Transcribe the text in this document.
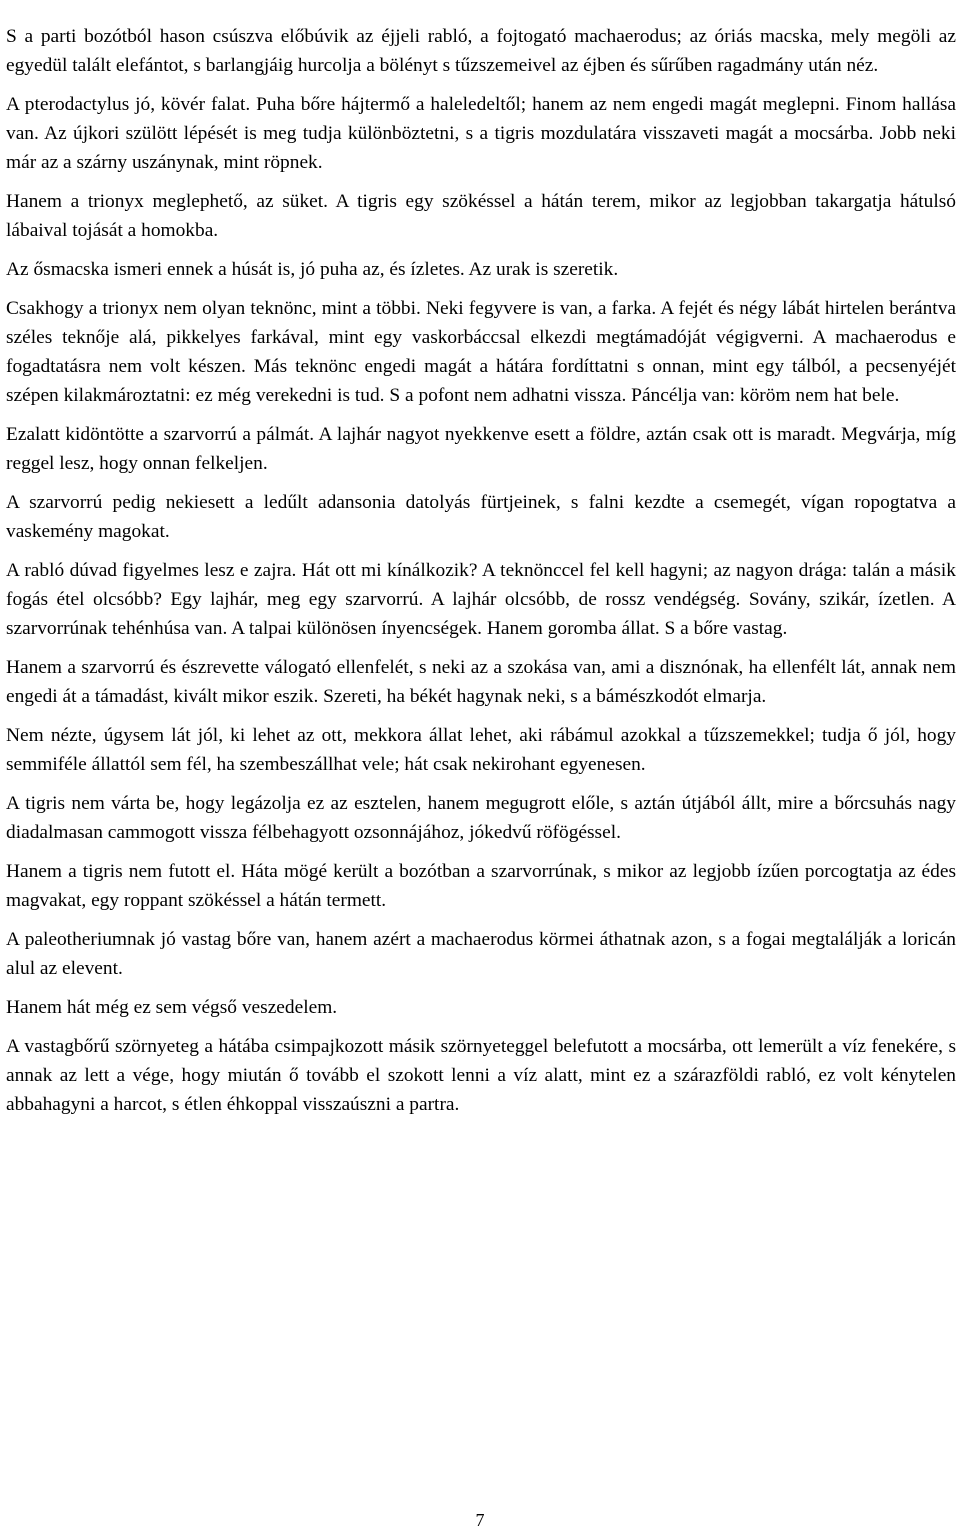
S a parti bozótból hason csúszva előbúvik az éjjeli rabló, a fojtogató machaerodus; az óriás macska, mely megöli az egyedül talált elefántot, s barlangjáig hurcolja a bölényt s tűzszemeivel az éjben és sűrűben ragadmány után néz.

A pterodactylus jó, kövér falat. Puha bőre hájtermő a haleledeltől; hanem az nem engedi magát meglepni. Finom hallása van. Az újkori szülött lépését is meg tudja különböztetni, s a tigris mozdulatára visszaveti magát a mocsárba. Jobb neki már az a szárny uszánynak, mint röpnek.

Hanem a trionyx meglephető, az süket. A tigris egy szökéssel a hátán terem, mikor az legjobban takargatja hátulsó lábaival tojását a homokba.

Az ősmacska ismeri ennek a húsát is, jó puha az, és ízletes. Az urak is szeretik.

Csakhogy a trionyx nem olyan teknönc, mint a többi. Neki fegyvere is van, a farka. A fejét és négy lábát hirtelen berántva széles teknője alá, pikkelyes farkával, mint egy vaskorbáccsal elkezdi megtámadóját végigverni. A machaerodus e fogadtatásra nem volt készen. Más teknönc engedi magát a hátára fordíttatni s onnan, mint egy tálból, a pecsenyéjét szépen kilakmároztatni: ez még verekedni is tud. S a pofont nem adhatni vissza. Páncélja van: köröm nem hat bele.

Ezalatt kidöntötte a szarvorrú a pálmát. A lajhár nagyot nyekkenve esett a földre, aztán csak ott is maradt. Megvárja, míg reggel lesz, hogy onnan felkeljen.

A szarvorrú pedig nekiesett a ledűlt adansonia datolyás fürtjeinek, s falni kezdte a csemegét, vígan ropogtatva a vaskemény magokat.

A rabló dúvad figyelmes lesz e zajra. Hát ott mi kínálkozik? A teknönccel fel kell hagyni; az nagyon drága: talán a másik fogás étel olcsóbb? Egy lajhár, meg egy szarvorrú. A lajhár olcsóbb, de rossz vendégség. Sovány, szikár, ízetlen. A szarvorrúnak tehénhúsa van. A talpai különösen ínyencségek. Hanem goromba állat. S a bőre vastag.

Hanem a szarvorrú és észrevette válogató ellenfelét, s neki az a szokása van, ami a disznónak, ha ellenfélt lát, annak nem engedi át a támadást, kivált mikor eszik. Szereti, ha békét hagynak neki, s a bámészkodót elmarja.

Nem nézte, úgysem lát jól, ki lehet az ott, mekkora állat lehet, aki rábámul azokkal a tűzszemekkel; tudja ő jól, hogy semmiféle állattól sem fél, ha szembeszállhat vele; hát csak nekirohant egyenesen.

A tigris nem várta be, hogy legázolja ez az esztelen, hanem megugrott előle, s aztán útjából állt, mire a bőrcsuhás nagy diadalmasan cammogott vissza félbehagyott ozsonnájához, jókedvű röfögéssel.

Hanem a tigris nem futott el. Háta mögé került a bozótban a szarvorrúnak, s mikor az legjobb ízűen porcogtatja az édes magvakat, egy roppant szökéssel a hátán termett.

A paleotheriumnak jó vastag bőre van, hanem azért a machaerodus körmei áthatnak azon, s a fogai megtalálják a loricán alul az elevent.

Hanem hát még ez sem végső veszedelem.

A vastagbőrű szörnyeteg a hátába csimpajkozott másik szörnyeteggel belefutott a mocsárba, ott lemerült a víz fenekére, s annak az lett a vége, hogy miután ő tovább el szokott lenni a víz alatt, mint ez a szárazföldi rabló, ez volt kénytelen abbahagyni a harcot, s étlen éhkoppal visszaúszni a partra.

7
